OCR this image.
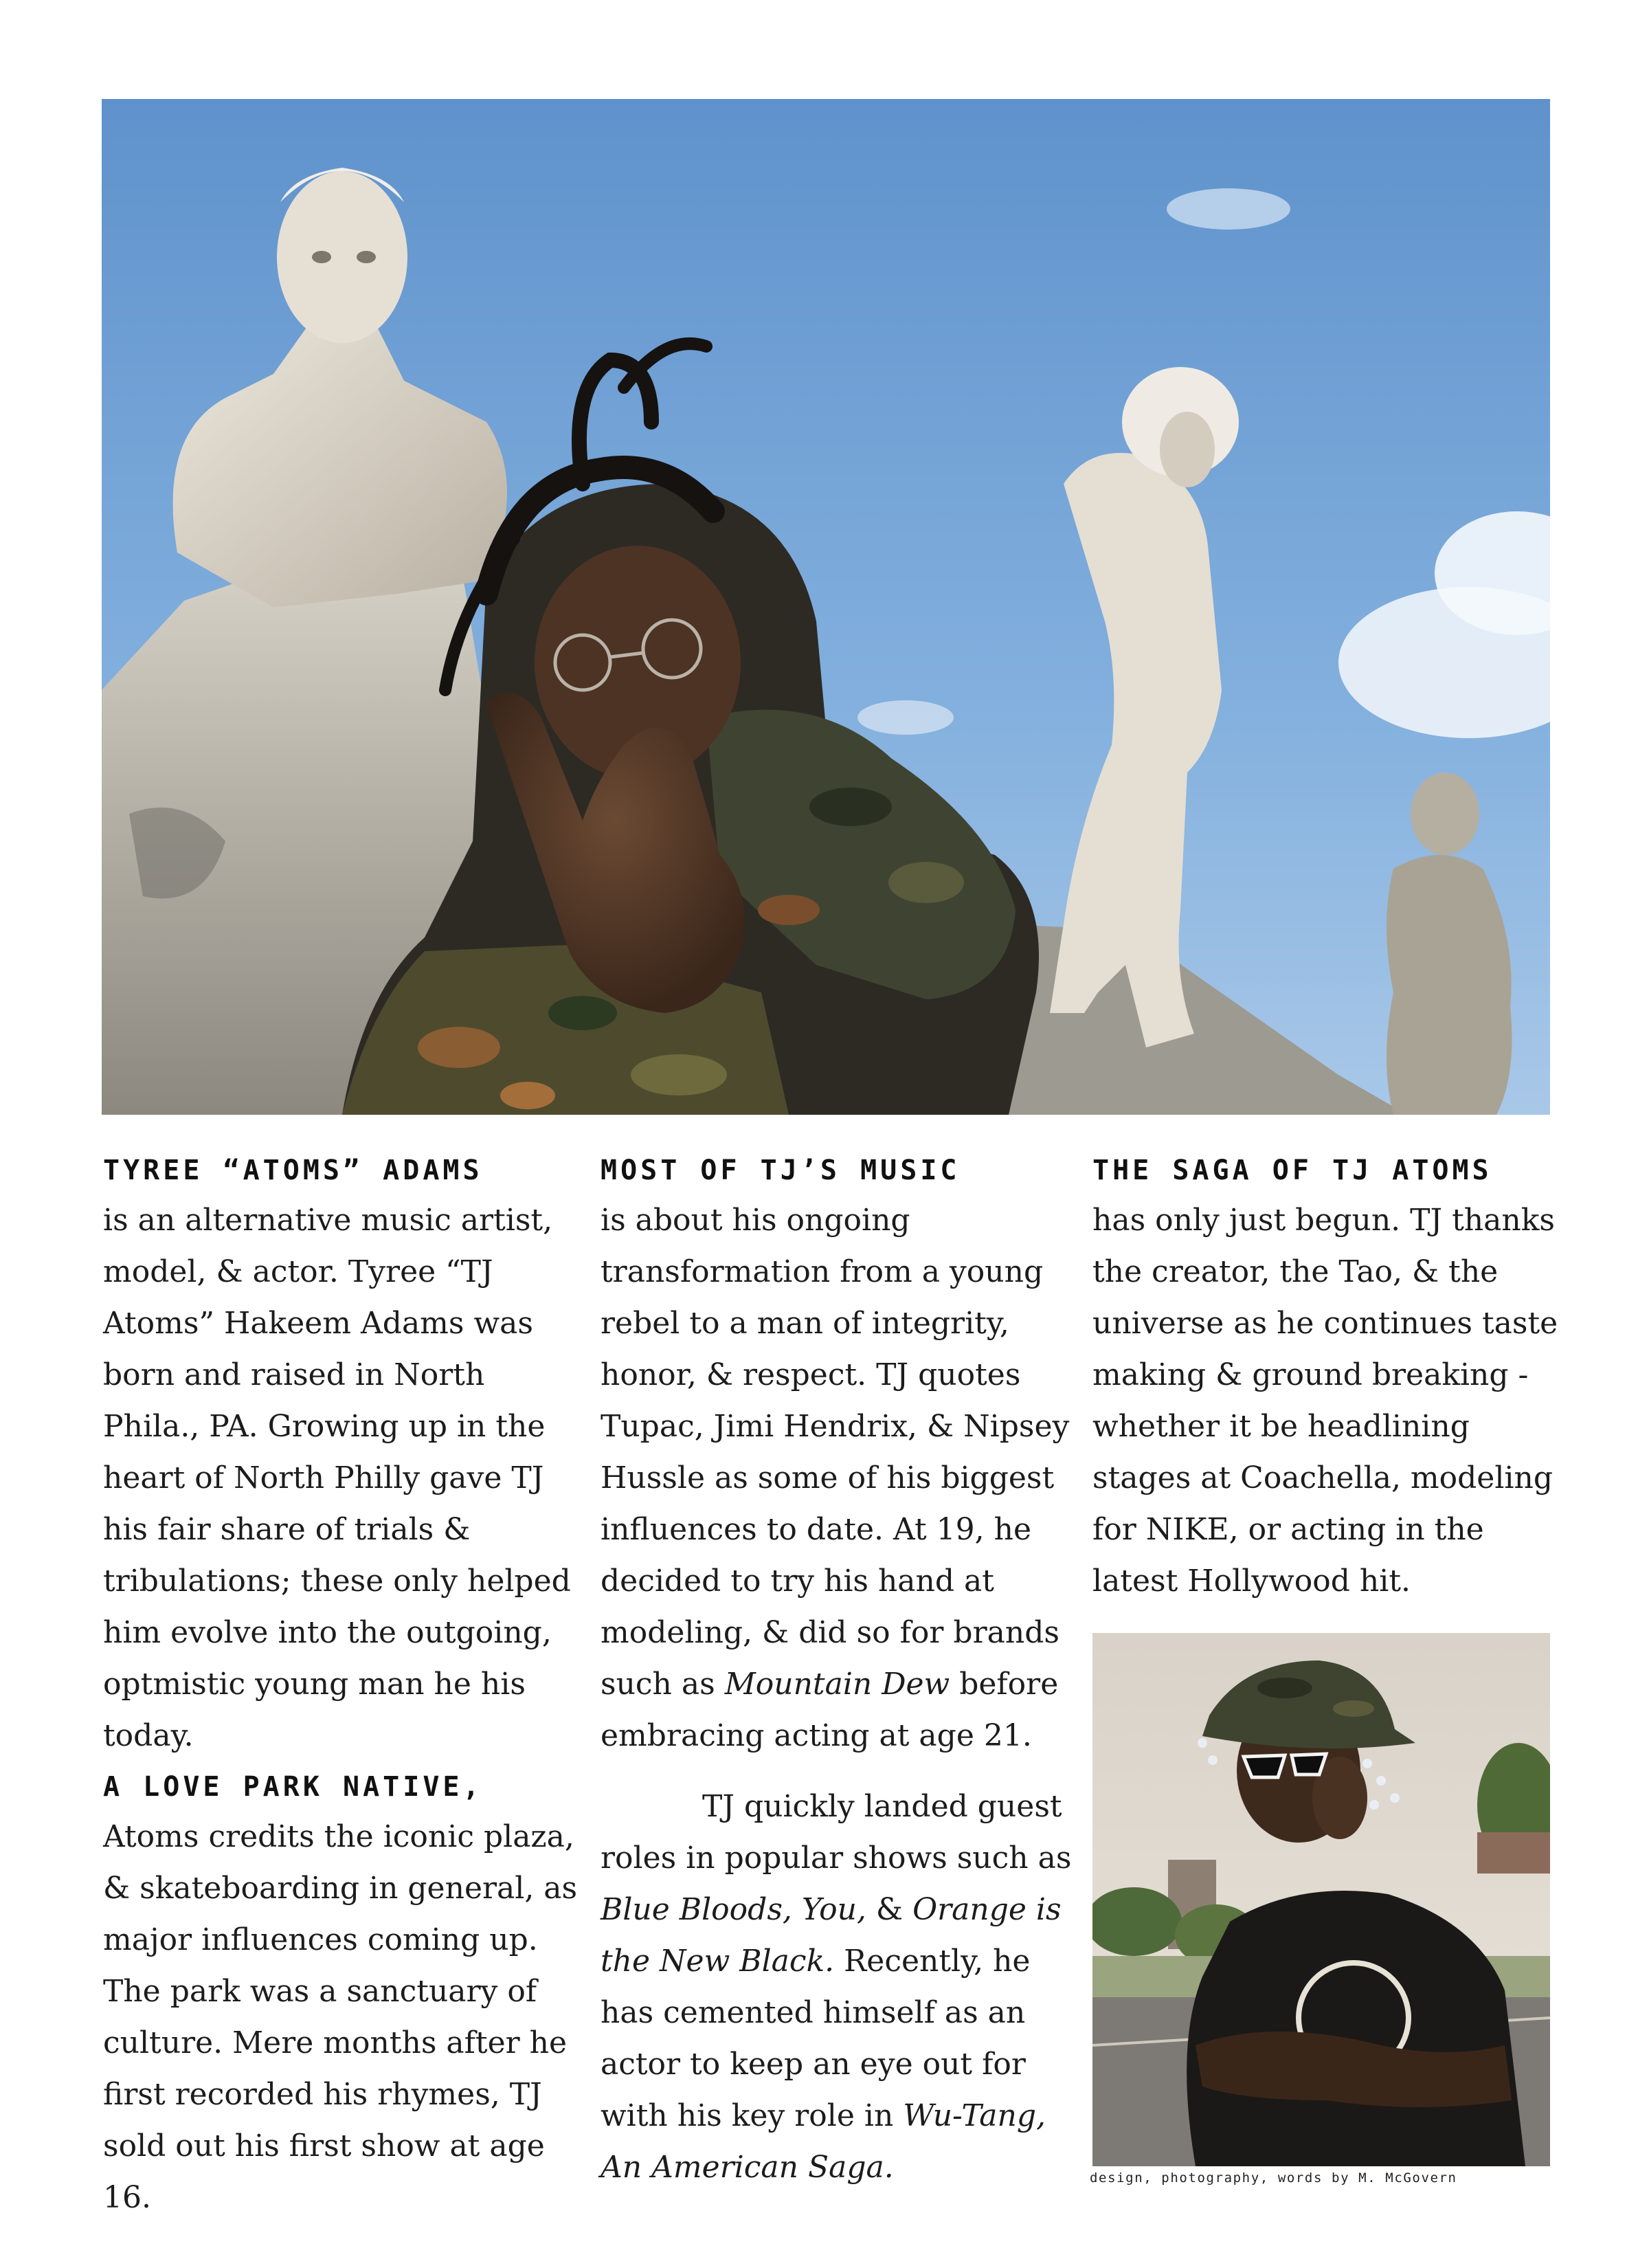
TYREE “ATOMS” ADAMS

is an alternative music artist, model, & actor. Tyree “TJ Atoms” Hakeem Adams was born and raised in North Phila., PA. Growing up in the heart of North Philly gave TJ his fair share of trials & tribulations; these only helped him evolve into the outgoing, optmistic young man he his today.

A LOVE PARK NATIVE,

Atoms credits the iconic plaza, & skateboarding in general, as major influences coming up. The park was a sanctuary of culture. Mere months after he first recorded his rhymes, TJ sold out his first show at age 16.

MOST OF TJ’S MUSIC

is about his ongoing transformation from a young rebel to a man of integrity, honor, & respect. TJ quotes Tupac, Jimi Hendrix, & Nipsey Hussle as some of his biggest influences to date. At 19, he decided to try his hand at modeling, & did so for brands such as Mountain Dew before embracing acting at age 21.

TJ quickly landed guest roles in popular shows such as Blue Bloods, You, & Orange is the New Black. Recently, he has cemented himself as an actor to keep an eye out for with his key role in Wu-Tang, An American Saga.

THE SAGA OF TJ ATOMS

has only just begun. TJ thanks the creator, the Tao, & the universe as he continues taste making & ground breaking - whether it be headlining stages at Coachella, modeling for NIKE, or acting in the latest Hollywood hit.

design, photography, words by M. McGovern
